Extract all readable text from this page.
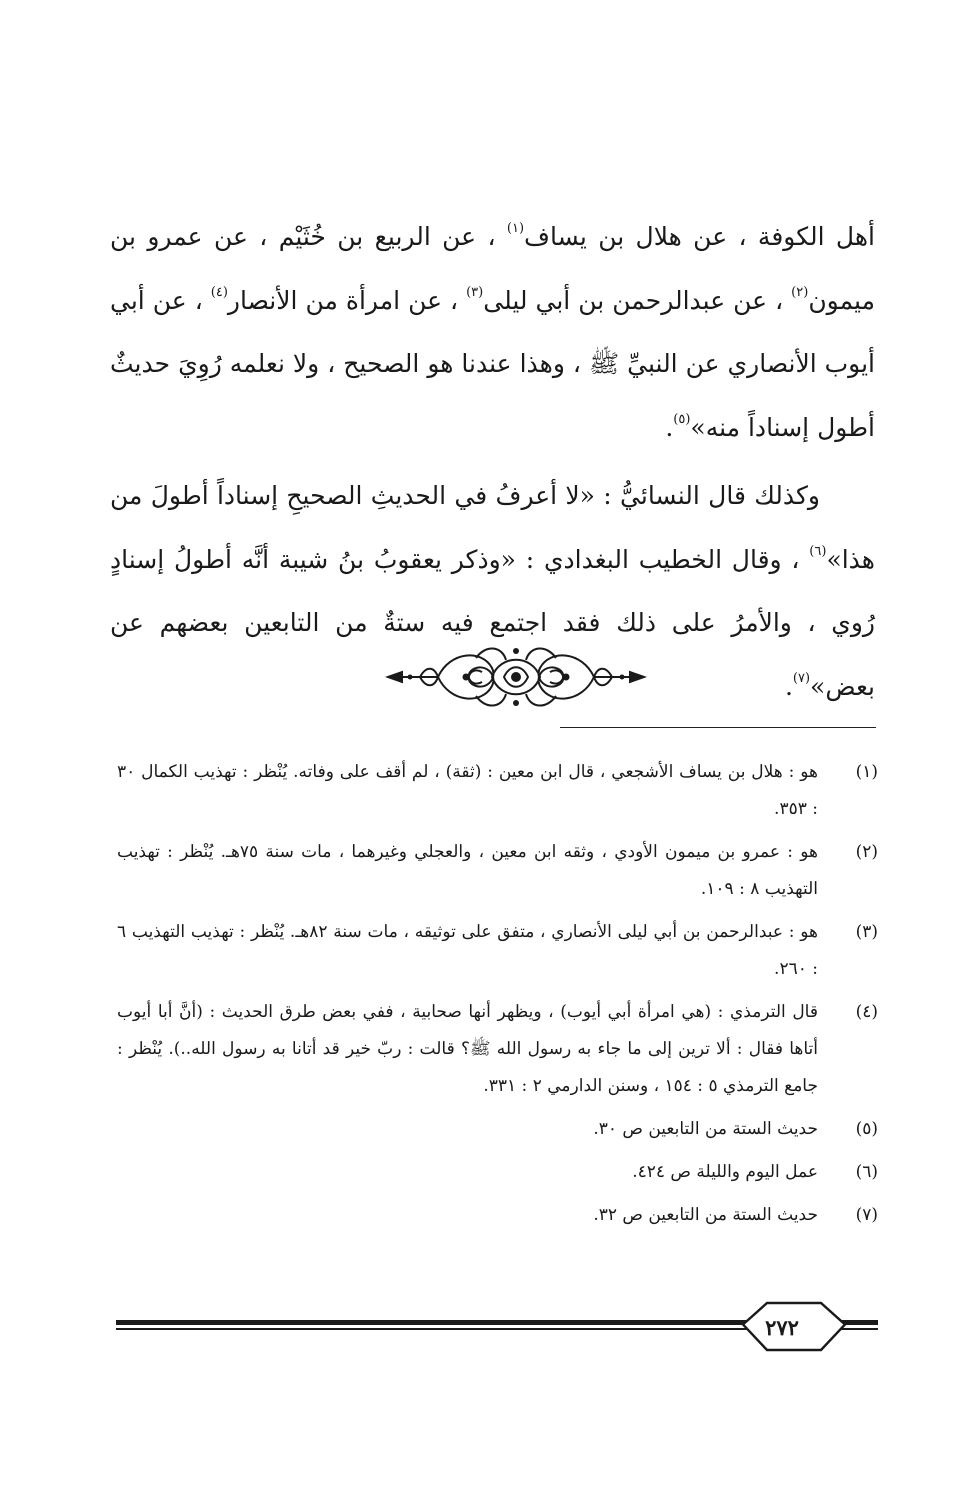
أهل الكوفة ، عن هلال بن يساف$^{(١)}$ ، عن الربيع بن خُثَيْم ، عن عمرو بن ميمون$^{(٢)}$ ، عن عبدالرحمن بن أبي ليلى$^{(٣)}$ ، عن امرأة من الأنصار$^{(٤)}$ ، عن أبي أيوب الأنصاري عن النبيِّ ﷺ ، وهذا عندنا هو الصحيح ، ولا نعلمه رُوِيَ حديثٌ أطول إسناداً منه»$^{(٥)}$.

وكذلك قال النسائيُّ : «لا أعرفُ في الحديثِ الصحيحِ إسناداً أطولَ من هذا»$^{(٦)}$ ، وقال الخطيب البغدادي : «وذكر يعقوبُ بنُ شيبة أنَّه أطولُ إسنادٍ رُوي ، والأمرُ على ذلك فقد اجتمع فيه ستةٌ من التابعين بعضهم عن بعض»$^{(٧)}$.

(١)
هو : هلال بن يساف الأشجعي ، قال ابن معين : (ثقة) ، لم أقف على وفاته. يُنْظر : تهذيب الكمال ٣٠ : ٣٥٣.
(٢)
هو : عمرو بن ميمون الأودي ، وثقه ابن معين ، والعجلي وغيرهما ، مات سنة ٧٥هـ. يُنْظر : تهذيب التهذيب ٨ : ١٠٩.
(٣)
هو : عبدالرحمن بن أبي ليلى الأنصاري ، متفق على توثيقه ، مات سنة ٨٢هـ. يُنْظر : تهذيب التهذيب ٦ : ٢٦٠.
(٤)
قال الترمذي : (هي امرأة أبي أيوب) ، ويظهر أنها صحابية ، ففي بعض طرق الحديث : (أنَّ أبا أيوب أتاها فقال : ألا ترين إلى ما جاء به رسول الله ﷺ؟ قالت : ربّ خير قد أتانا به رسول الله..). يُنْظر : جامع الترمذي ٥ : ١٥٤ ، وسنن الدارمي ٢ : ٣٣١.
(٥)
حديث الستة من التابعين ص ٣٠.
(٦)
عمل اليوم والليلة ص ٤٢٤.
(٧)
حديث الستة من التابعين ص ٣٢.
٢٧٢
